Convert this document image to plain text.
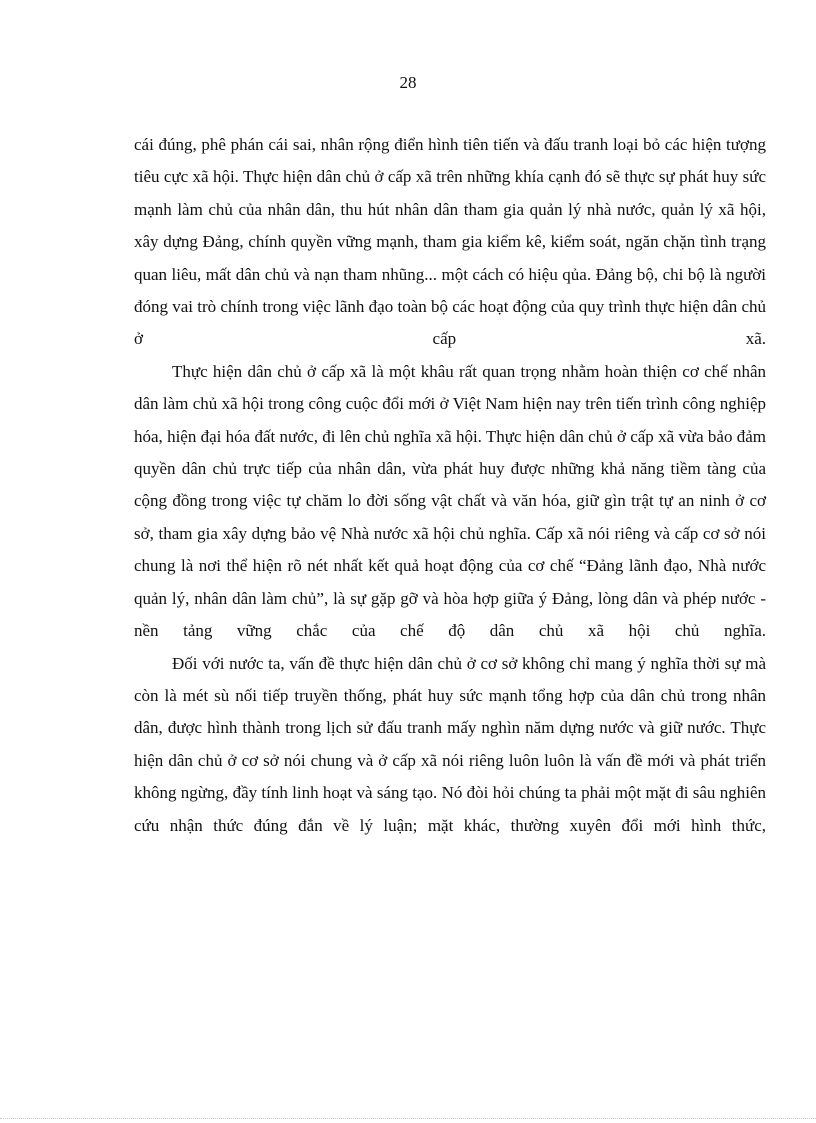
28

cái đúng, phê phán cái sai, nhân rộng điển hình tiên tiến và đấu tranh loại bỏ các hiện tượng tiêu cực xã hội. Thực hiện dân chủ ở cấp xã trên những khía cạnh đó sẽ thực sự phát huy sức mạnh làm chủ của nhân dân, thu hút nhân dân tham gia quản lý nhà nước, quản lý xã hội, xây dựng Đảng, chính quyền vững mạnh, tham gia kiểm kê, kiểm soát, ngăn chặn tình trạng quan liêu, mất dân chủ và nạn tham nhũng... một cách có hiệu qủa. Đảng bộ, chi bộ là người đóng vai trò chính trong việc lãnh đạo toàn bộ các hoạt động của quy trình thực hiện dân chủ ở cấp xã.

Thực hiện dân chủ ở cấp xã là một khâu rất quan trọng nhằm hoàn thiện cơ chế nhân dân làm chủ xã hội trong công cuộc đổi mới ở Việt Nam hiện nay trên tiến trình công nghiệp hóa, hiện đại hóa đất nước, đi lên chủ nghĩa xã hội. Thực hiện dân chủ ở cấp xã vừa bảo đảm quyền dân chủ trực tiếp của nhân dân, vừa phát huy được những khả năng tiềm tàng của cộng đồng trong việc tự chăm lo đời sống vật chất và văn hóa, giữ gìn trật tự an ninh ở cơ sở, tham gia xây dựng bảo vệ Nhà nước xã hội chủ nghĩa. Cấp xã nói riêng và cấp cơ sở nói chung là nơi thể hiện rõ nét nhất kết quả hoạt động của cơ chế “Đảng lãnh đạo, Nhà nước quản lý, nhân dân làm chủ”, là sự gặp gỡ và hòa hợp giữa ý Đảng, lòng dân và phép nước - nền tảng vững chắc của chế độ dân chủ xã hội chủ nghĩa.

Đối với nước ta, vấn đề thực hiện dân chủ ở cơ sở không chỉ mang ý nghĩa thời sự mà còn là mét sù nối tiếp truyền thống, phát huy sức mạnh tổng hợp của dân chủ trong nhân dân, được hình thành trong lịch sử đấu tranh mấy nghìn năm dựng nước và giữ nước. Thực hiện dân chủ ở cơ sở nói chung và ở cấp xã nói riêng luôn luôn là vấn đề mới và phát triển không ngừng, đầy tính linh hoạt và sáng tạo. Nó đòi hỏi chúng ta phải một mặt đi sâu nghiên cứu nhận thức đúng đắn về lý luận; mặt khác, thường xuyên đổi mới hình thức,
